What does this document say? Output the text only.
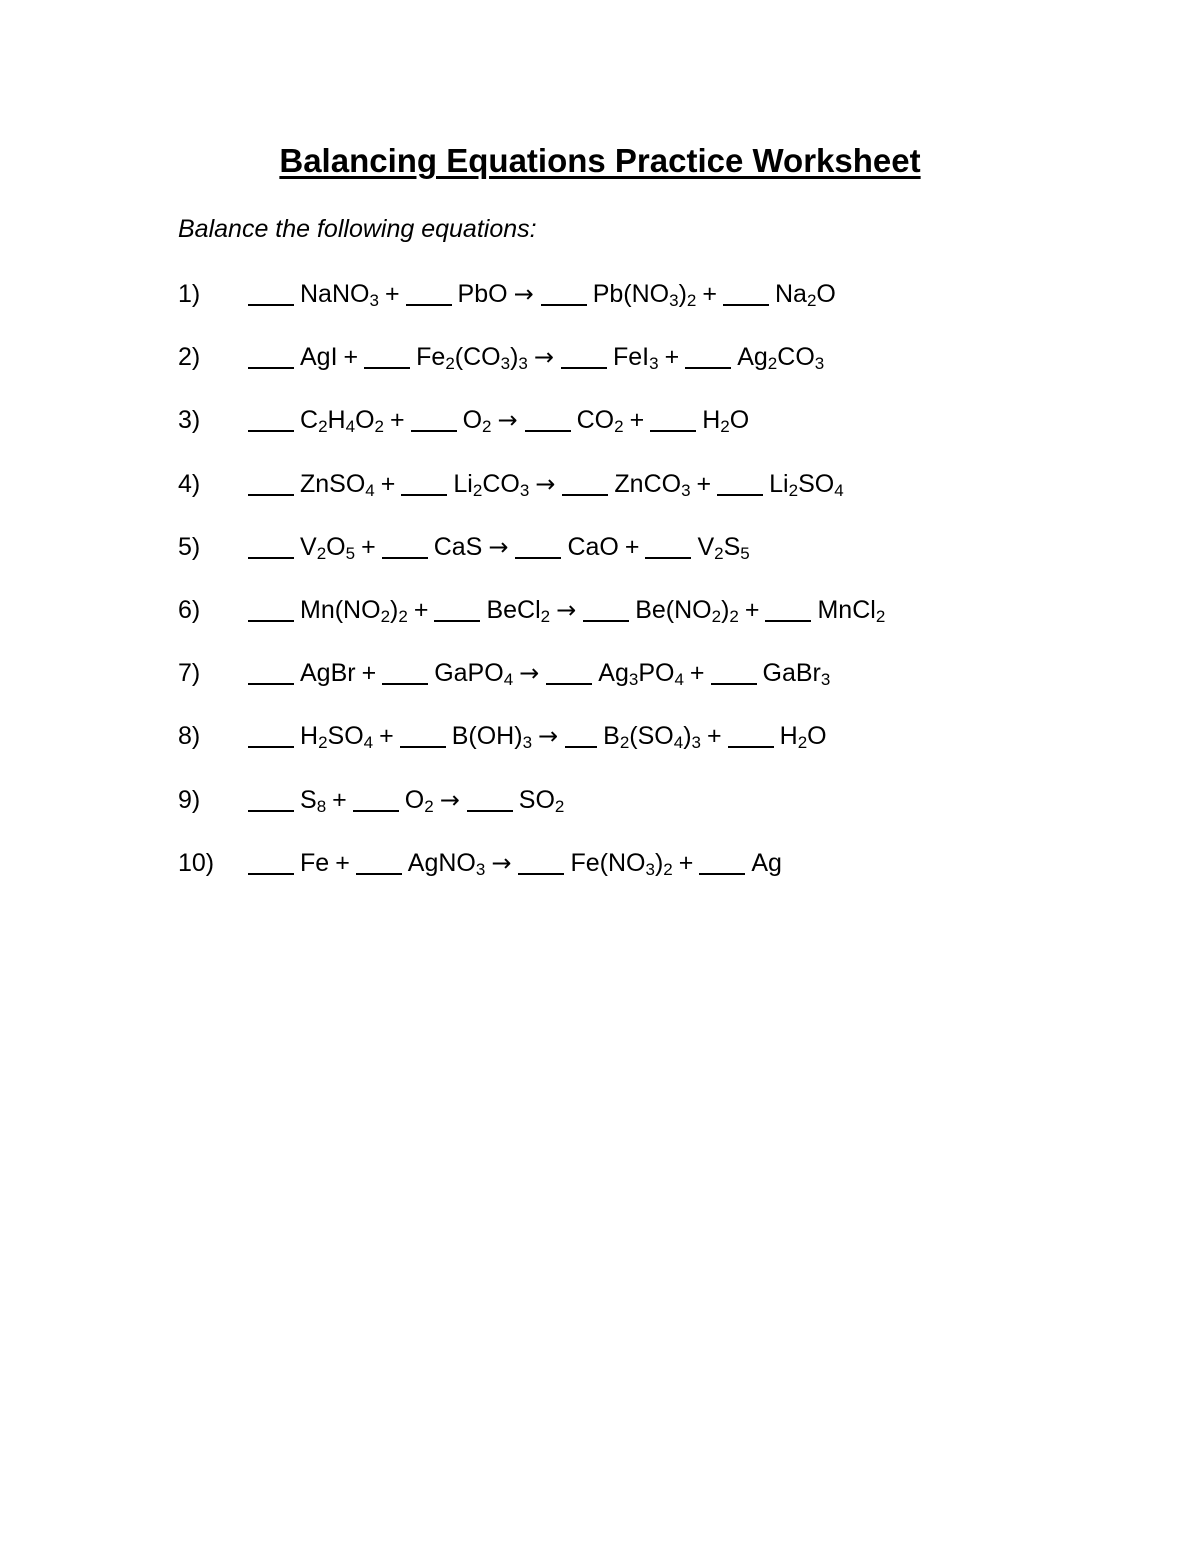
Balancing Equations Practice Worksheet
Balance the following equations:
1)	NaNO$_3$ + PbO → $Pb(NO_3)_2 + Na_2O$
2)	AgI + $Fe_2(CO_3)_3 \to FeI_3 + Ag_2CO_3$
3)	$C_2H_4O_2 + O_2 \to CO_2 + H_2O$
4)	ZnSO$_4$ + $Li_2CO_3$ → ZnCO$_3$ + $Li_2SO_4$
5)	$V_2O_5$ + CaS → CaO + $V_2S_5$
6)	$Mn(NO_2)_2$ + BeCl$_2$ → $Be(NO_2)_2$ + MnCl$_2$
7)	AgBr + GaPO$_4$ → $Ag_3PO_4$ + GaBr$_3$
8)	$H_2SO_4 + B(OH)_3 \to B_2(SO_4)_3 + H_2O$
9)	$S_8 + O_2 \to SO_2$
10)	Fe + AgNO$_3$ → $Fe(NO_3)_2 + Ag$
